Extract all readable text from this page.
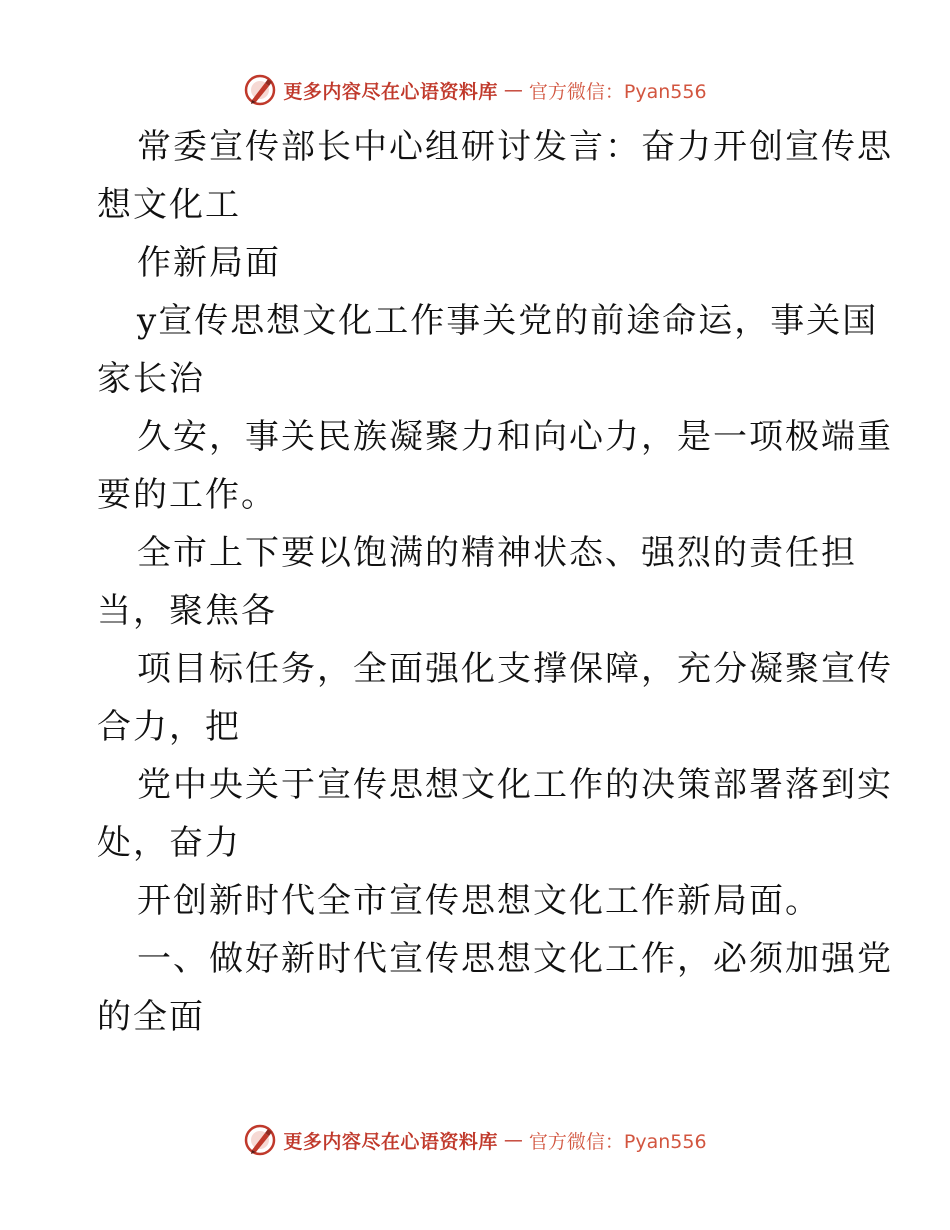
更多内容尽在心语资料库 — 官方微信：Pyan556
常委宣传部长中心组研讨发言：奋力开创宣传思
想文化工
作新局面
y宣传思想文化工作事关党的前途命运，事关国
家长治
久安，事关民族凝聚力和向心力，是一项极端重
要的工作。
全市上下要以饱满的精神状态、强烈的责任担
当，聚焦各
项目标任务，全面强化支撑保障，充分凝聚宣传
合力，把
党中央关于宣传思想文化工作的决策部署落到实
处，奋力
开创新时代全市宣传思想文化工作新局面。
一、做好新时代宣传思想文化工作，必须加强党
的全面
更多内容尽在心语资料库 — 官方微信：Pyan556
